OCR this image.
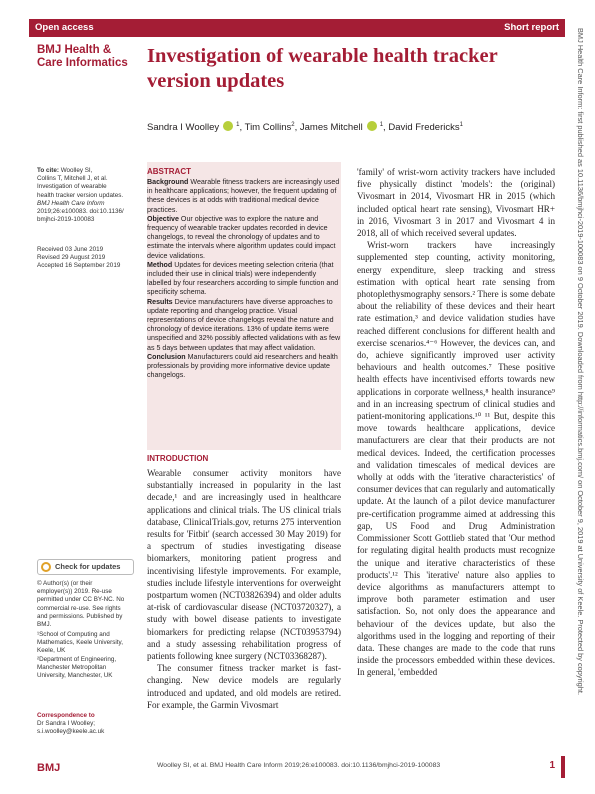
Open access	Short report
BMJ Health &
Care Informatics Investigation of wearable health tracker version updates
Sandra I Woolley	$^1$, Tim Collins$^2$, James Mitchell	$^1$, David Fredericks$^1$
To cite: Woolley SI,
Collins T, Mitchell J, et al.
Investigation of wearable
health tracker version updates.
BMJ Health Care Inform
2019;26:e100083. doi:10.1136/
bmjhci-2019-100083
Received 03 June 2019
Revised 29 August 2019
Accepted 16 September 2019
Check for updates
© Author(s) (or their
employer(s)) 2019. Re-use
permitted under CC BY-NC. No
commercial re-use. See rights
and permissions. Published by
BMJ.
¹School of Computing and
Mathematics, Keele University,
Keele, UK
²Department of Engineering,
Manchester Metropolitan
University, Manchester, UK
Correspondence to
Dr Sandra I Woolley;
s.i.woolley@keele.ac.uk
ABSTRACT

Background Wearable fitness trackers are increasingly used in healthcare applications; however, the frequent updating of these devices is at odds with traditional medical device practices.

Objective Our objective was to explore the nature and frequency of wearable tracker updates recorded in device changelogs, to reveal the chronology of updates and to estimate the intervals where algorithm updates could impact device validations.

Method Updates for devices meeting selection criteria (that included their use in clinical trials) were independently labelled by four researchers according to simple function and specificity schema.

Results Device manufacturers have diverse approaches to update reporting and changelog practice. Visual representations of device changelogs reveal the nature and chronology of device iterations. 13% of update items were unspecified and 32% possibly affected validations with as few as 5 days between updates that may affect validation.

Conclusion Manufacturers could aid researchers and health professionals by providing more informative device update changelogs.

INTRODUCTION

Wearable consumer activity monitors have substantially increased in popularity in the last decade,¹ and are increasingly used in healthcare applications and clinical trials. The US clinical trials database, ClinicalTrials.gov, returns 275 intervention results for 'Fitbit' (search accessed 30 May 2019) for a spectrum of studies investigating disease biomarkers, monitoring patient progress and incentivising lifestyle improvements. For example, studies include lifestyle interventions for overweight postpartum women (NCT03826394) and older adults at-risk of cardiovascular disease (NCT03720327), a study with bowel disease patients to investigate biomarkers for predicting relapse (NCT03953794) and a study assessing rehabilitation progress of patients following knee surgery (NCT03368287).

The consumer fitness tracker market is fast-changing. New device models are regularly introduced and updated, and old models are retired. For example, the Garmin Vivosmart

'family' of wrist-worn activity trackers have included five physically distinct 'models': the (original) Vivosmart in 2014, Vivosmart HR in 2015 (which included optical heart rate sensing), Vivosmart HR+ in 2016, Vivosmart 3 in 2017 and Vivosmart 4 in 2018, all of which received several updates.

Wrist-worn trackers have increasingly supplemented step counting, activity monitoring, energy expenditure, sleep tracking and stress estimation with optical heart rate sensing from photoplethysmography sensors.² There is some debate about the reliability of these devices and their heart rate estimation,³ and device validation studies have reached different conclusions for different health and exercise scenarios.⁴⁻⁶ However, the devices can, and do, achieve significantly improved user activity behaviours and health outcomes.⁷ These positive health effects have incentivised efforts towards new applications in corporate wellness,⁸ health insurance⁹ and in an increasing spectrum of clinical studies and patient-monitoring applications.¹⁰ ¹¹ But, despite this move towards healthcare applications, device manufacturers are clear that their products are not medical devices. Indeed, the certification processes and validation timescales of medical devices are wholly at odds with the 'iterative characteristics' of consumer devices that can regularly and automatically update. At the launch of a pilot device manufacturer pre-certification programme aimed at addressing this gap, US Food and Drug Administration Commissioner Scott Gottlieb stated that 'Our method for regulating digital health products must recognize the unique and iterative characteristics of these products'.¹² This 'iterative' nature also applies to device algorithms as manufacturers attempt to improve both parameter estimation and user satisfaction. So, not only does the appearance and behaviour of the devices update, but also the algorithms used in the logging and reporting of their data. These changes are made to the code that runs inside the processors embedded within these devices. In general, 'embedded

BMJ	Woolley SI, et al. BMJ Health Care Inform 2019;26:e100083. doi:10.1136/bmjhci-2019-100083	1
BMJ Health Care Inform: first published as 10.1136/bmjhci-2019-100083 on 9 October 2019. Downloaded from http://informatics.bmj.com/ on October 9, 2019 at University of Keele. Protected by copyright.
